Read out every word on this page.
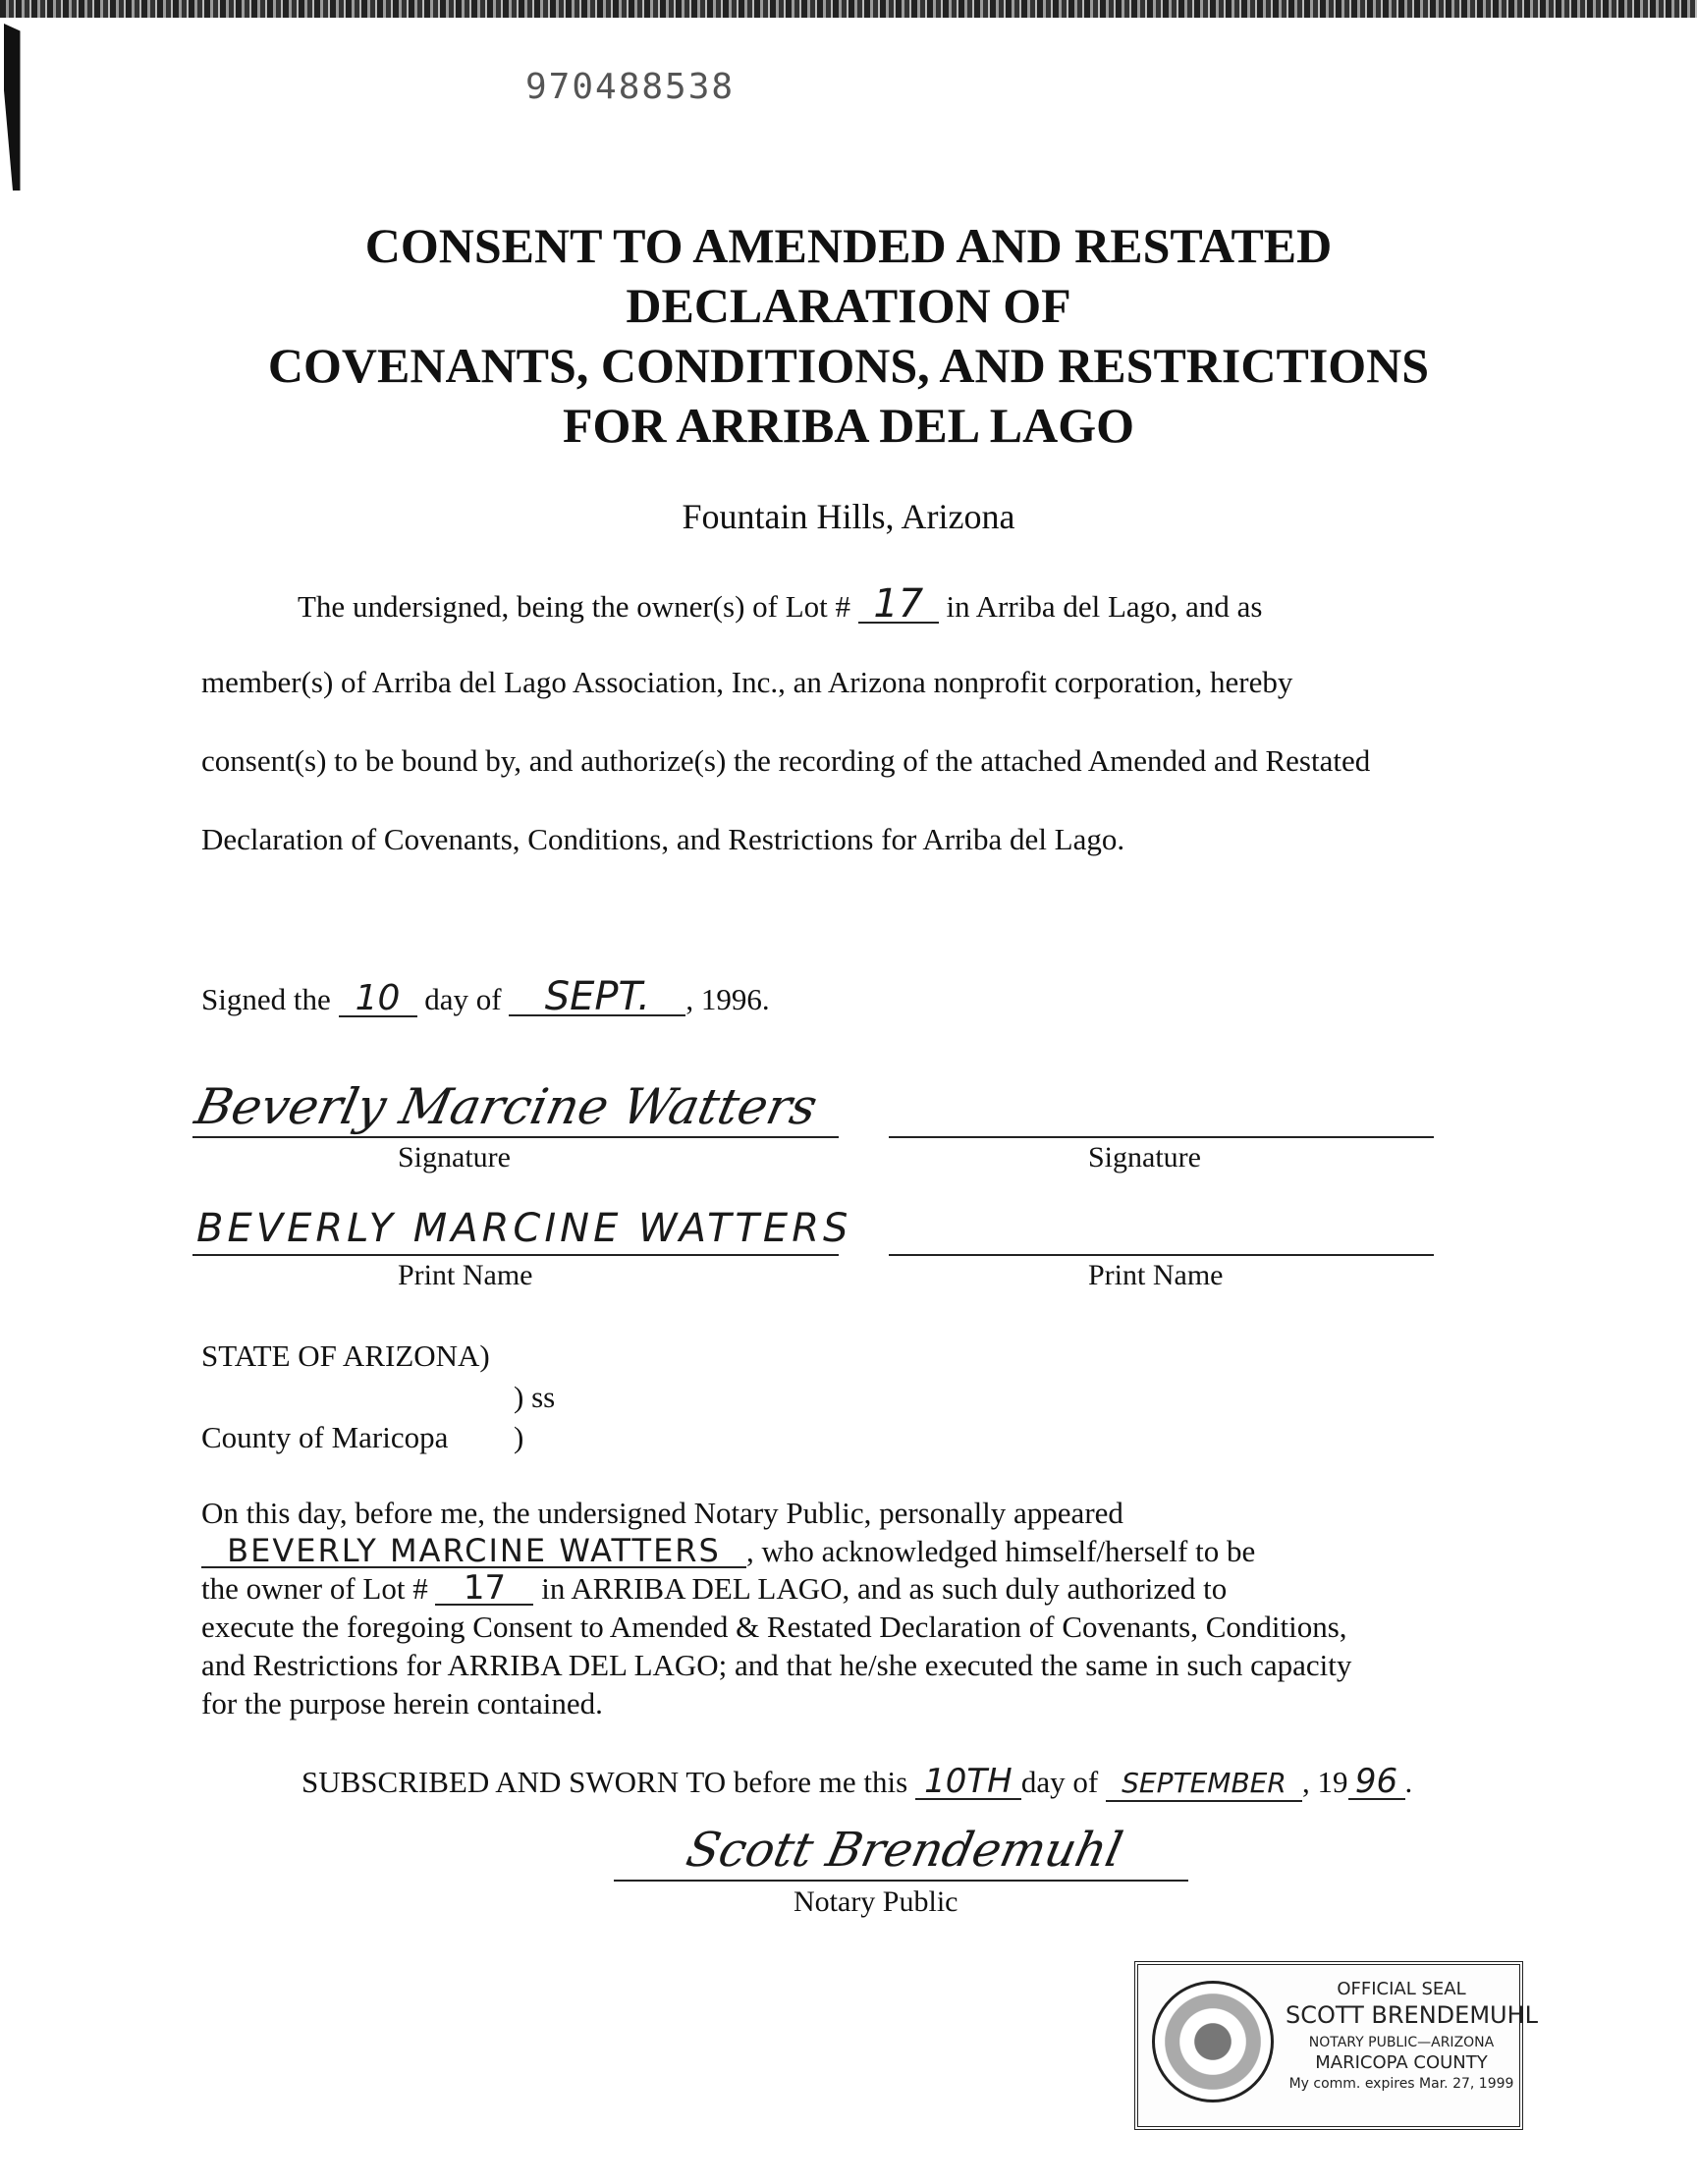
970488538
CONSENT TO AMENDED AND RESTATED
DECLARATION OF
COVENANTS, CONDITIONS, AND RESTRICTIONS
FOR ARRIBA DEL LAGO
Fountain Hills, Arizona
The undersigned, being the owner(s) of Lot # 17 in Arriba del Lago, and as
member(s) of Arriba del Lago Association, Inc., an Arizona nonprofit corporation, hereby
consent(s) to be bound by, and authorize(s) the recording of the attached Amended and Restated
Declaration of Covenants, Conditions, and Restrictions for Arriba del Lago.
Signed the 10 day of SEPT. , 1996.
Beverly Marcine Watters
Signature	Signature
BEVERLY MARCINE WATTERS
Print Name	Print Name
STATE OF ARIZONA)
) ss
County of Maricopa )
On this day, before me, the undersigned Notary Public, personally appeared
BEVERLY MARCINE WATTERS , who acknowledged himself/herself to be
the owner of Lot # 17 in ARRIBA DEL LAGO, and as such duly authorized to
execute the foregoing Consent to Amended & Restated Declaration of Covenants, Conditions,
and Restrictions for ARRIBA DEL LAGO; and that he/she executed the same in such capacity
for the purpose herein contained.
SUBSCRIBED AND SWORN TO before me this 10TH day of SEPTEMBER , 19 96 .
Scott Brendemuhl
Notary Public
OFFICIAL SEAL
SCOTT BRENDEMUHL
NOTARY PUBLIC—ARIZONA
MARICOPA COUNTY
My comm. expires Mar. 27, 1999
